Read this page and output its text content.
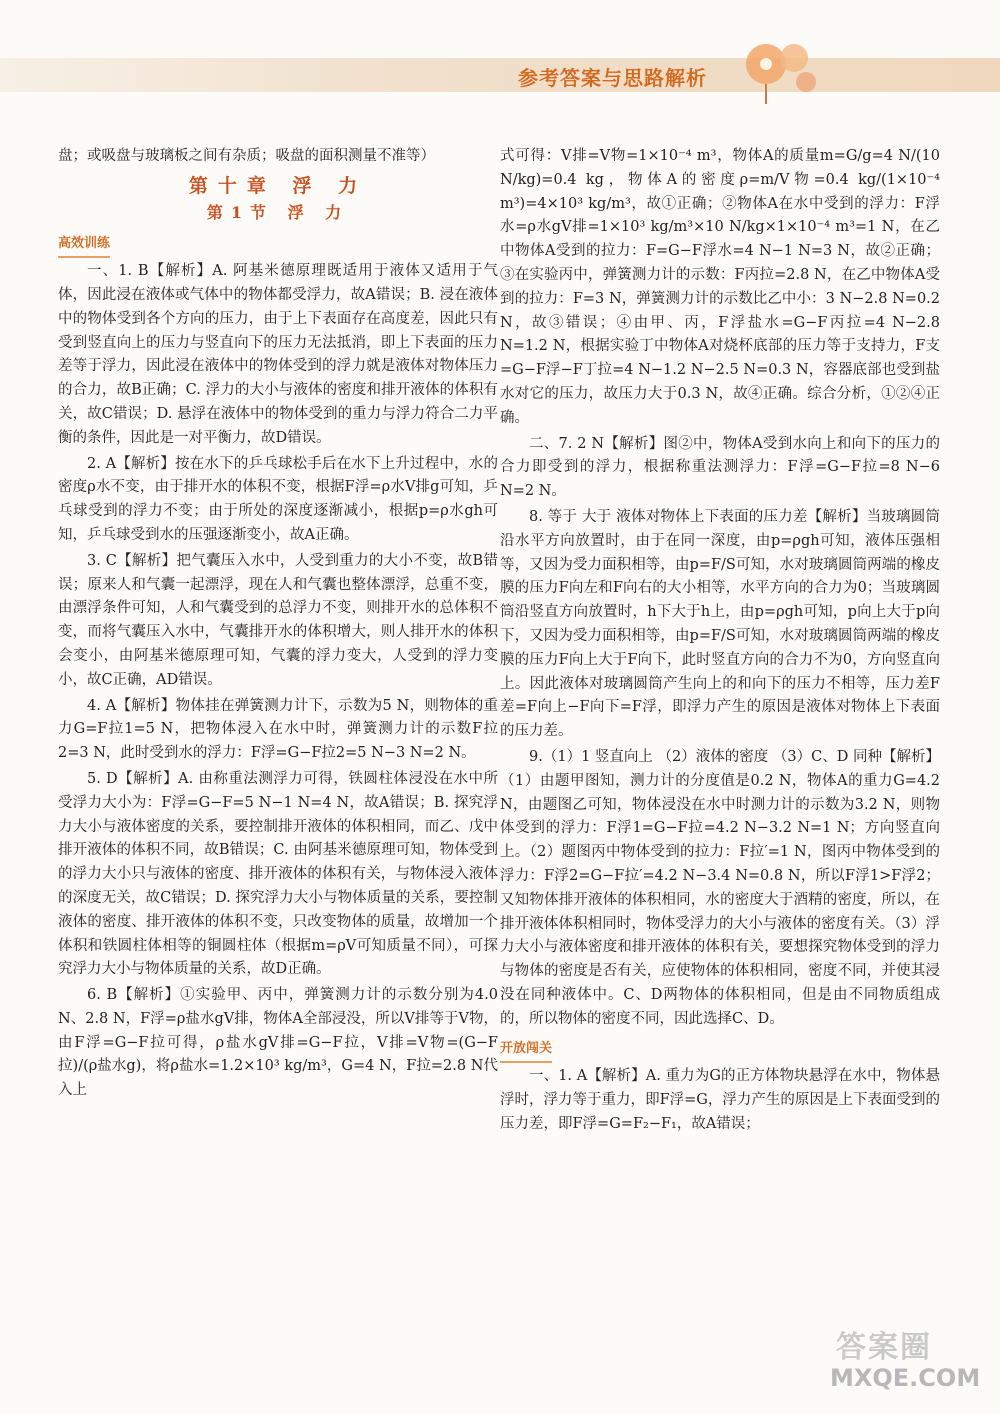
参考答案与思路解析

盘；或吸盘与玻璃板之间有杂质；吸盘的面积测量不准等）

第十章 浮 力
第1节 浮 力
高效训练

一、1. B【解析】A. 阿基米德原理既适用于液体又适用于气体，因此浸在液体或气体中的物体都受浮力，故A错误；B. 浸在液体中的物体受到各个方向的压力，由于上下表面存在高度差，因此只有受到竖直向上的压力与竖直向下的压力无法抵消，即上下表面的压力差等于浮力，因此浸在液体中的物体受到的浮力就是液体对物体压力的合力，故B正确；C. 浮力的大小与液体的密度和排开液体的体积有关，故C错误；D. 悬浮在液体中的物体受到的重力与浮力符合二力平衡的条件，因此是一对平衡力，故D错误。

2. A【解析】按在水下的乒乓球松手后在水下上升过程中，水的密度ρ水不变，由于排开水的体积不变，根据F浮=ρ水V排g可知，乒乓球受到的浮力不变；由于所处的深度逐渐减小，根据p=ρ水gh可知，乒乓球受到水的压强逐渐变小，故A正确。

3. C【解析】把气囊压入水中，人受到重力的大小不变，故B错误；原来人和气囊一起漂浮，现在人和气囊也整体漂浮，总重不变，由漂浮条件可知，人和气囊受到的总浮力不变，则排开水的总体积不变，而将气囊压入水中，气囊排开水的体积增大，则人排开水的体积会变小，由阿基米德原理可知，气囊的浮力变大，人受到的浮力变小，故C正确，AD错误。

4. A【解析】物体挂在弹簧测力计下，示数为5 N，则物体的重力G=F拉1=5 N，把物体浸入在水中时，弹簧测力计的示数F拉2=3 N，此时受到水的浮力：F浮=G−F拉2=5 N−3 N=2 N。

5. D【解析】A. 由称重法测浮力可得，铁圆柱体浸没在水中所受浮力大小为：F浮=G−F=5 N−1 N=4 N，故A错误；B. 探究浮力大小与液体密度的关系，要控制排开液体的体积相同，而乙、戊中排开液体的体积不同，故B错误；C. 由阿基米德原理可知，物体受到的浮力大小只与液体的密度、排开液体的体积有关，与物体浸入液体的深度无关，故C错误；D. 探究浮力大小与物体质量的关系，要控制液体的密度、排开液体的体积不变，只改变物体的质量，故增加一个体积和铁圆柱体相等的铜圆柱体（根据m=ρV可知质量不同），可探究浮力大小与物体质量的关系，故D正确。

6. B【解析】①实验甲、丙中，弹簧测力计的示数分别为4.0 N、2.8 N，F浮=ρ盐水gV排，物体A全部浸没，所以V排等于V物，由F浮=G−F拉可得，ρ盐水gV排=G−F拉，V排=V物=(G−F拉)/(ρ盐水g)，将ρ盐水=1.2×10³ kg/m³，G=4 N，F拉=2.8 N代入上

式可得：V排=V物=1×10⁻⁴ m³，物体A的质量m=G/g=4 N/(10 N/kg)=0.4 kg，物体A的密度ρ=m/V物=0.4 kg/(1×10⁻⁴ m³)=4×10³ kg/m³，故①正确；②物体A在水中受到的浮力：F浮水=ρ水gV排=1×10³ kg/m³×10 N/kg×1×10⁻⁴ m³=1 N，在乙中物体A受到的拉力：F=G−F浮水=4 N−1 N=3 N，故②正确；③在实验丙中，弹簧测力计的示数：F丙拉=2.8 N，在乙中物体A受到的拉力：F=3 N，弹簧测力计的示数比乙中小：3 N−2.8 N=0.2 N，故③错误；④由甲、丙，F浮盐水=G−F丙拉=4 N−2.8 N=1.2 N，根据实验丁中物体A对烧杯底部的压力等于支持力，F支=G−F浮−F丁拉=4 N−1.2 N−2.5 N=0.3 N，容器底部也受到盐水对它的压力，故压力大于0.3 N，故④正确。综合分析，①②④正确。

二、7. 2 N【解析】图②中，物体A受到水向上和向下的压力的合力即受到的浮力，根据称重法测浮力：F浮=G−F拉=8 N−6 N=2 N。

8. 等于 大于 液体对物体上下表面的压力差【解析】当玻璃圆筒沿水平方向放置时，由于在同一深度，由p=ρgh可知，液体压强相等，又因为受力面积相等，由p=F/S可知，水对玻璃圆筒两端的橡皮膜的压力F向左和F向右的大小相等，水平方向的合力为0；当玻璃圆筒沿竖直方向放置时，h下大于h上，由p=ρgh可知，p向上大于p向下，又因为受力面积相等，由p=F/S可知，水对玻璃圆筒两端的橡皮膜的压力F向上大于F向下，此时竖直方向的合力不为0，方向竖直向上。因此液体对玻璃圆筒产生向上的和向下的压力不相等，压力差F差=F向上−F向下=F浮，即浮力产生的原因是液体对物体上下表面的压力差。

9.（1）1 竖直向上 （2）液体的密度 （3）C、D 同种【解析】（1）由题甲图知，测力计的分度值是0.2 N，物体A的重力G=4.2 N，由题图乙可知，物体浸没在水中时测力计的示数为3.2 N，则物体受到的浮力：F浮1=G−F拉=4.2 N−3.2 N=1 N；方向竖直向上。（2）题图丙中物体受到的拉力：F拉′=1 N，图丙中物体受到的浮力：F浮2=G−F拉′=4.2 N−3.4 N=0.8 N，所以F浮1>F浮2；又知物体排开液体的体积相同，水的密度大于酒精的密度，所以，在排开液体体积相同时，物体受浮力的大小与液体的密度有关。（3）浮力大小与液体密度和排开液体的体积有关，要想探究物体受到的浮力与物体的密度是否有关，应使物体的体积相同，密度不同，并使其浸没在同种液体中。C、D两物体的体积相同，但是由不同物质组成的，所以物体的密度不同，因此选择C、D。

开放闯关

一、1. A【解析】A. 重力为G的正方体物块悬浮在水中，物体悬浮时，浮力等于重力，即F浮=G，浮力产生的原因是上下表面受到的压力差，即F浮=G=F₂−F₁，故A错误；

答案圈
MXQE.COM
